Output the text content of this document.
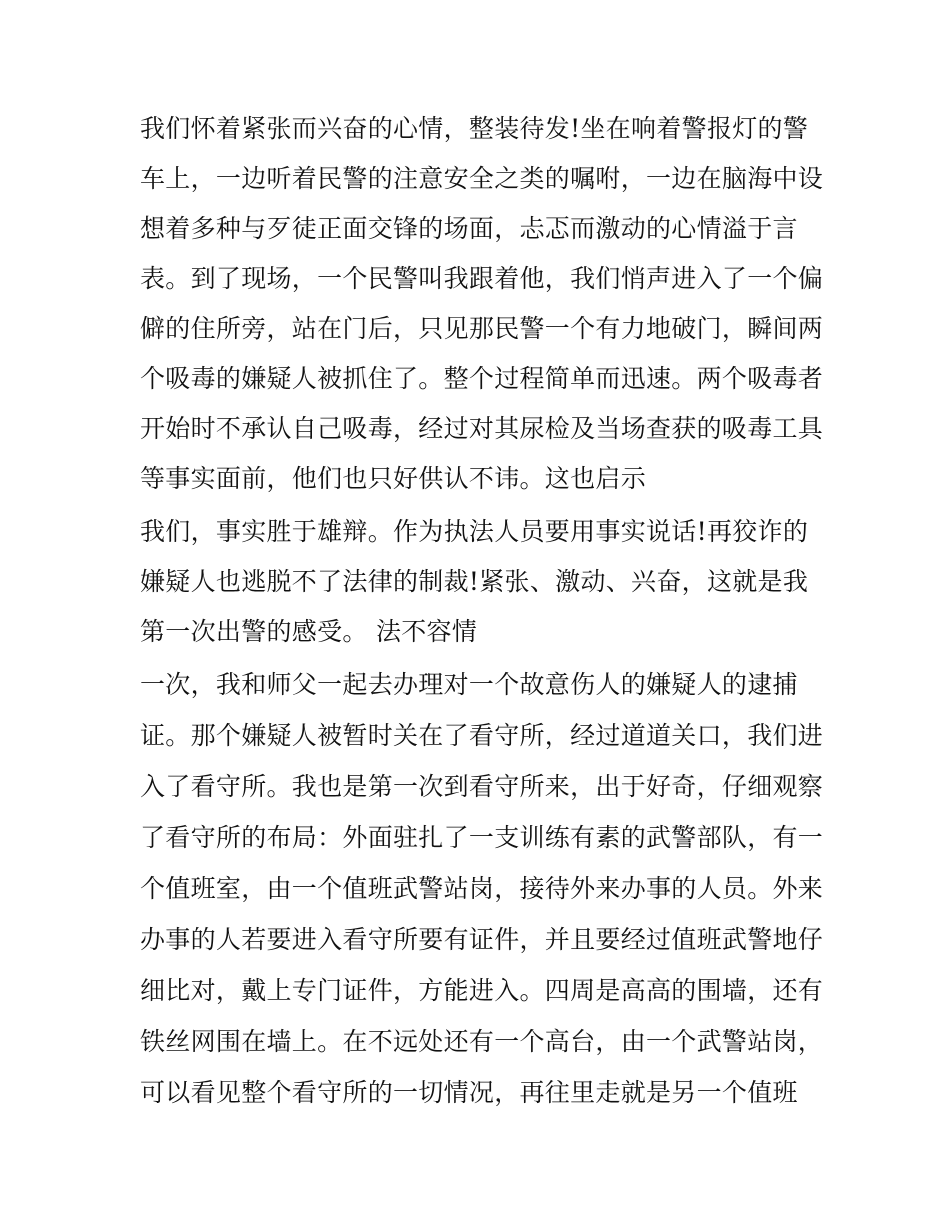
我们怀着紧张而兴奋的心情，整装待发!坐在响着警报灯的警
车上，一边听着民警的注意安全之类的嘱咐，一边在脑海中设
想着多种与歹徒正面交锋的场面，忐忑而激动的心情溢于言
表。到了现场，一个民警叫我跟着他，我们悄声进入了一个偏
僻的住所旁，站在门后，只见那民警一个有力地破门，瞬间两
个吸毒的嫌疑人被抓住了。整个过程简单而迅速。两个吸毒者
开始时不承认自己吸毒，经过对其尿检及当场查获的吸毒工具
等事实面前，他们也只好供认不讳。这也启示
我们，事实胜于雄辩。作为执法人员要用事实说话!再狡诈的
嫌疑人也逃脱不了法律的制裁!紧张、激动、兴奋，这就是我
第一次出警的感受。 法不容情
一次，我和师父一起去办理对一个故意伤人的嫌疑人的逮捕
证。那个嫌疑人被暂时关在了看守所，经过道道关口，我们进
入了看守所。我也是第一次到看守所来，出于好奇，仔细观察
了看守所的布局：外面驻扎了一支训练有素的武警部队，有一
个值班室，由一个值班武警站岗，接待外来办事的人员。外来
办事的人若要进入看守所要有证件，并且要经过值班武警地仔
细比对，戴上专门证件，方能进入。四周是高高的围墙，还有
铁丝网围在墙上。在不远处还有一个高台，由一个武警站岗，
可以看见整个看守所的一切情况，再往里走就是另一个值班
